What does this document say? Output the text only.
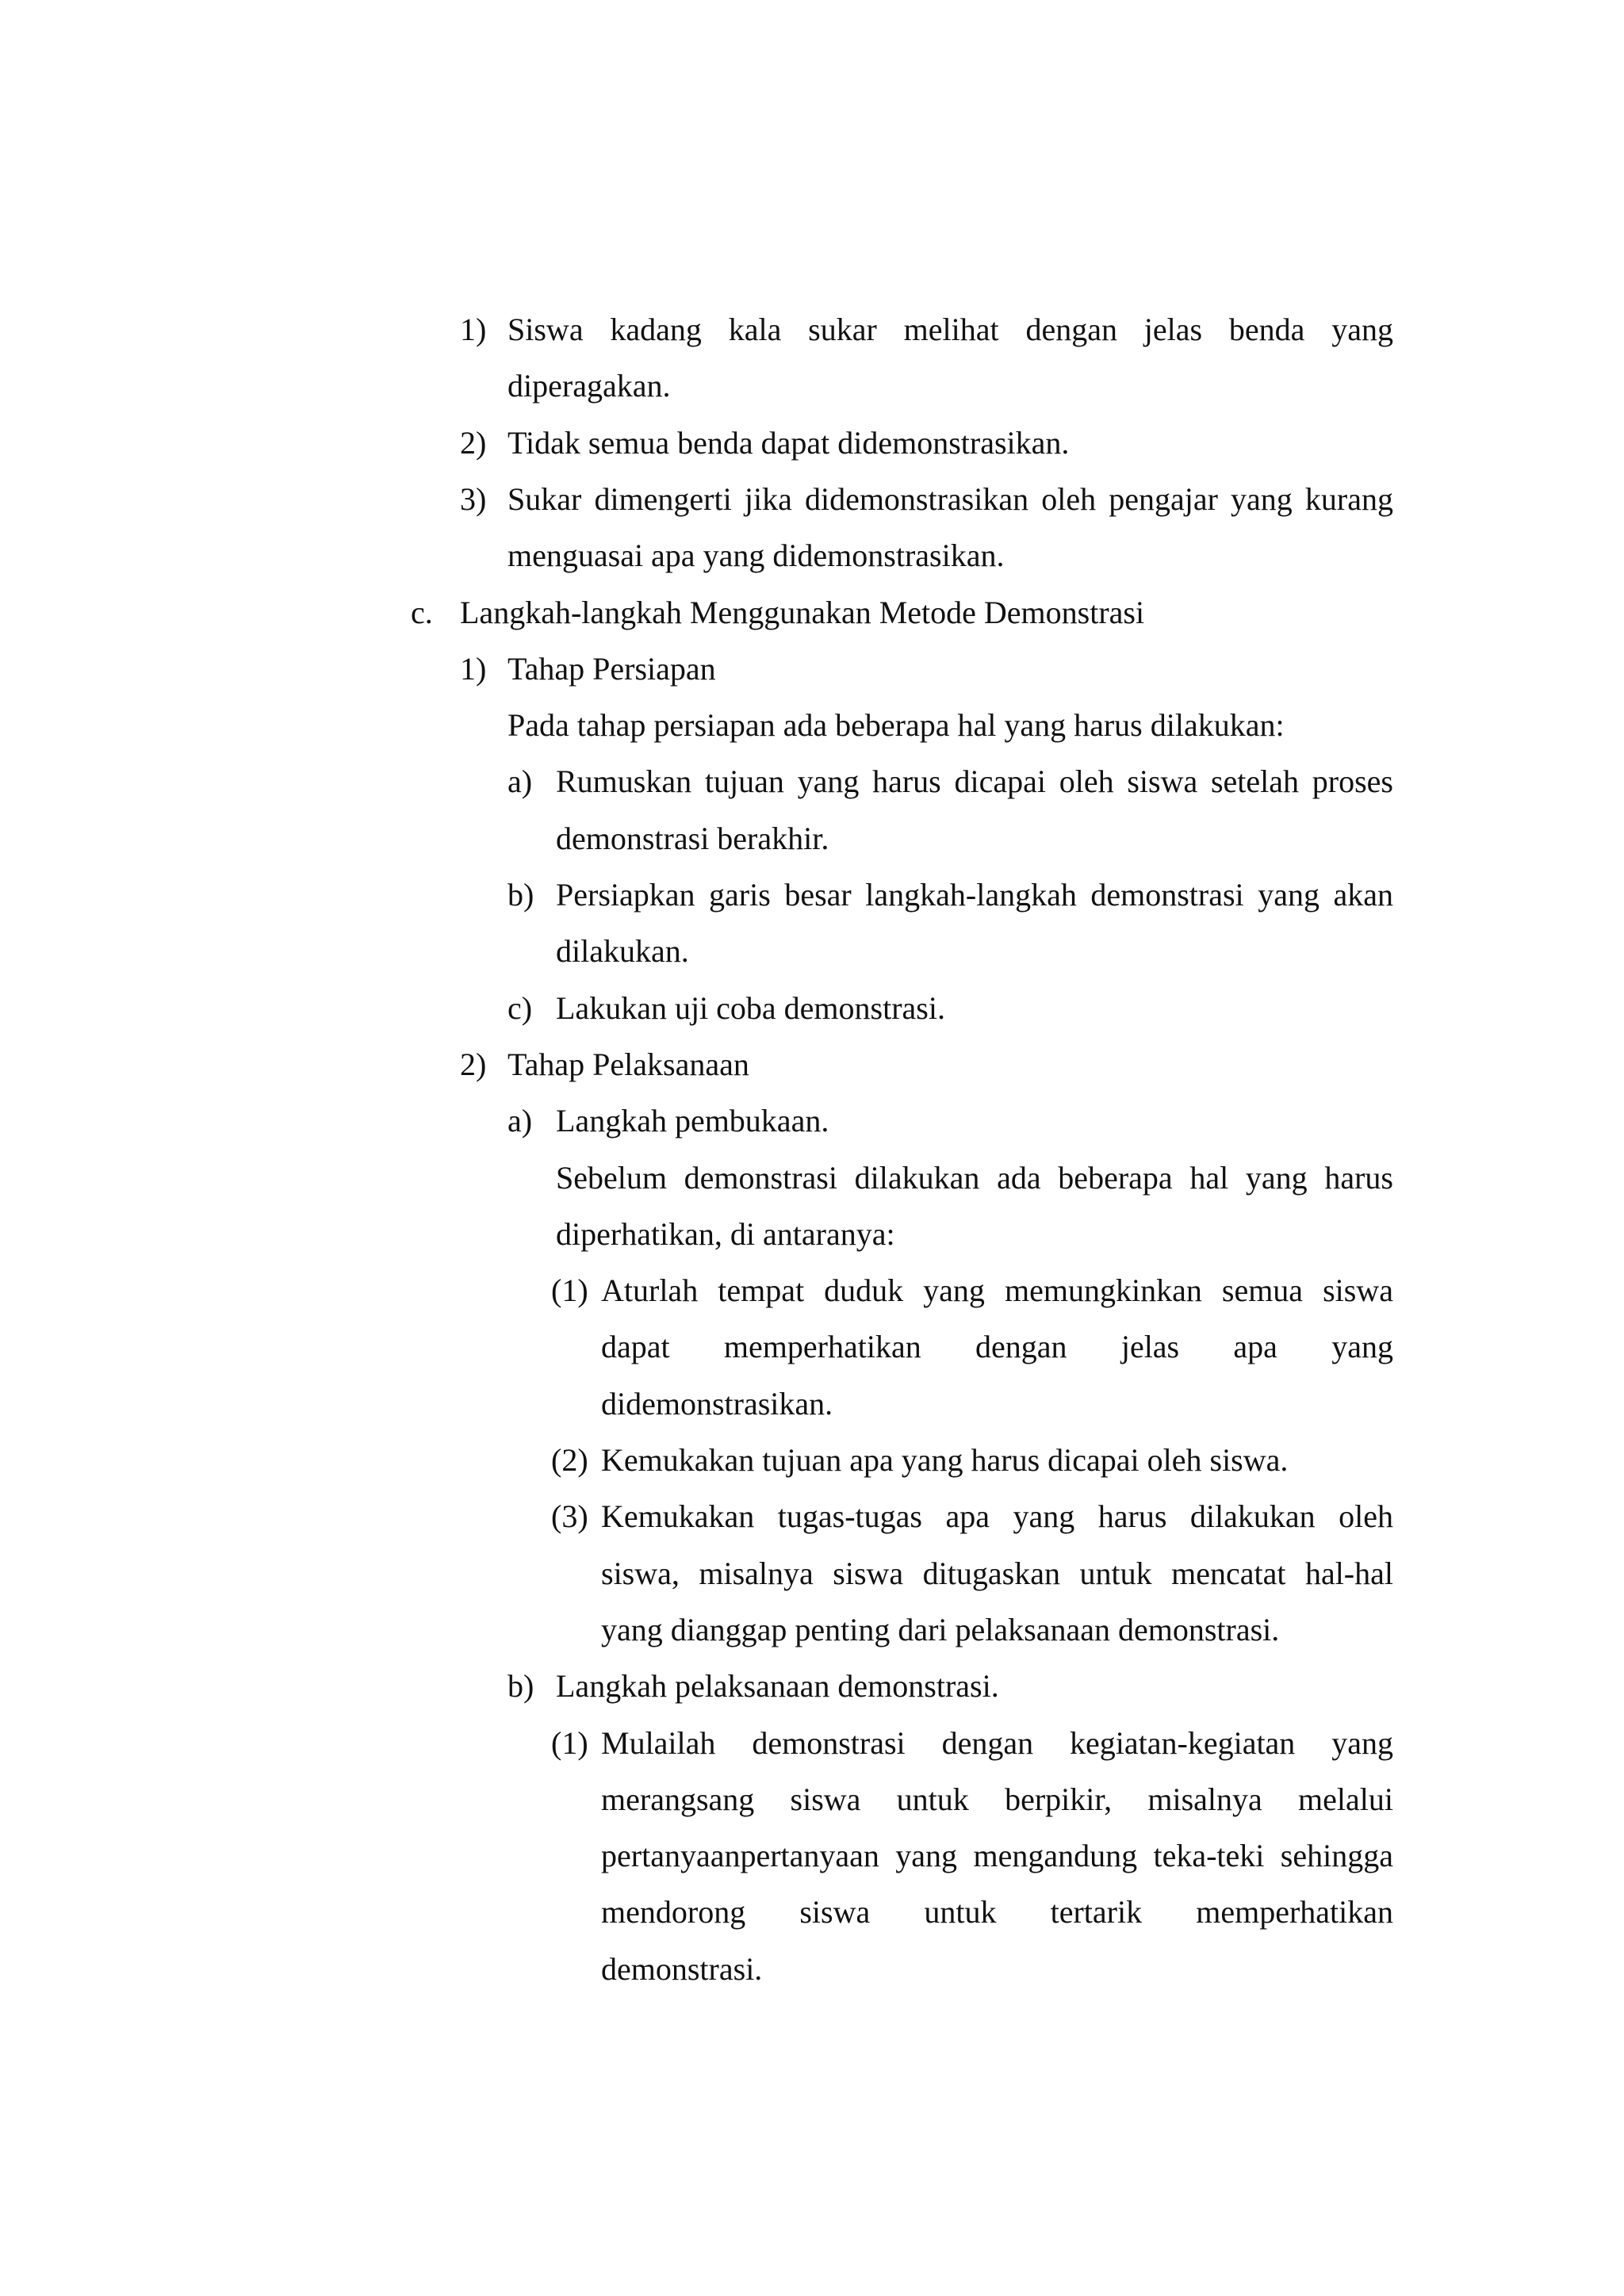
1) Siswa kadang kala sukar melihat dengan jelas benda yang
diperagakan.
2) Tidak semua benda dapat didemonstrasikan.
3) Sukar dimengerti jika didemonstrasikan oleh pengajar yang kurang
menguasai apa yang didemonstrasikan.
c. Langkah-langkah Menggunakan Metode Demonstrasi
1) Tahap Persiapan
Pada tahap persiapan ada beberapa hal yang harus dilakukan:
a) Rumuskan tujuan yang harus dicapai oleh siswa setelah proses
demonstrasi berakhir.
b) Persiapkan garis besar langkah-langkah demonstrasi yang akan
dilakukan.
c) Lakukan uji coba demonstrasi.
2) Tahap Pelaksanaan
a) Langkah pembukaan.
Sebelum demonstrasi dilakukan ada beberapa hal yang harus
diperhatikan, di antaranya:
(1) Aturlah tempat duduk yang memungkinkan semua siswa
dapat memperhatikan dengan jelas apa yang
didemonstrasikan.
(2) Kemukakan tujuan apa yang harus dicapai oleh siswa.
(3) Kemukakan tugas-tugas apa yang harus dilakukan oleh
siswa, misalnya siswa ditugaskan untuk mencatat hal-hal
yang dianggap penting dari pelaksanaan demonstrasi.
b) Langkah pelaksanaan demonstrasi.
(1) Mulailah demonstrasi dengan kegiatan-kegiatan yang
merangsang siswa untuk berpikir, misalnya melalui
pertanyaanpertanyaan yang mengandung teka-teki sehingga
mendorong siswa untuk tertarik memperhatikan
demonstrasi.
